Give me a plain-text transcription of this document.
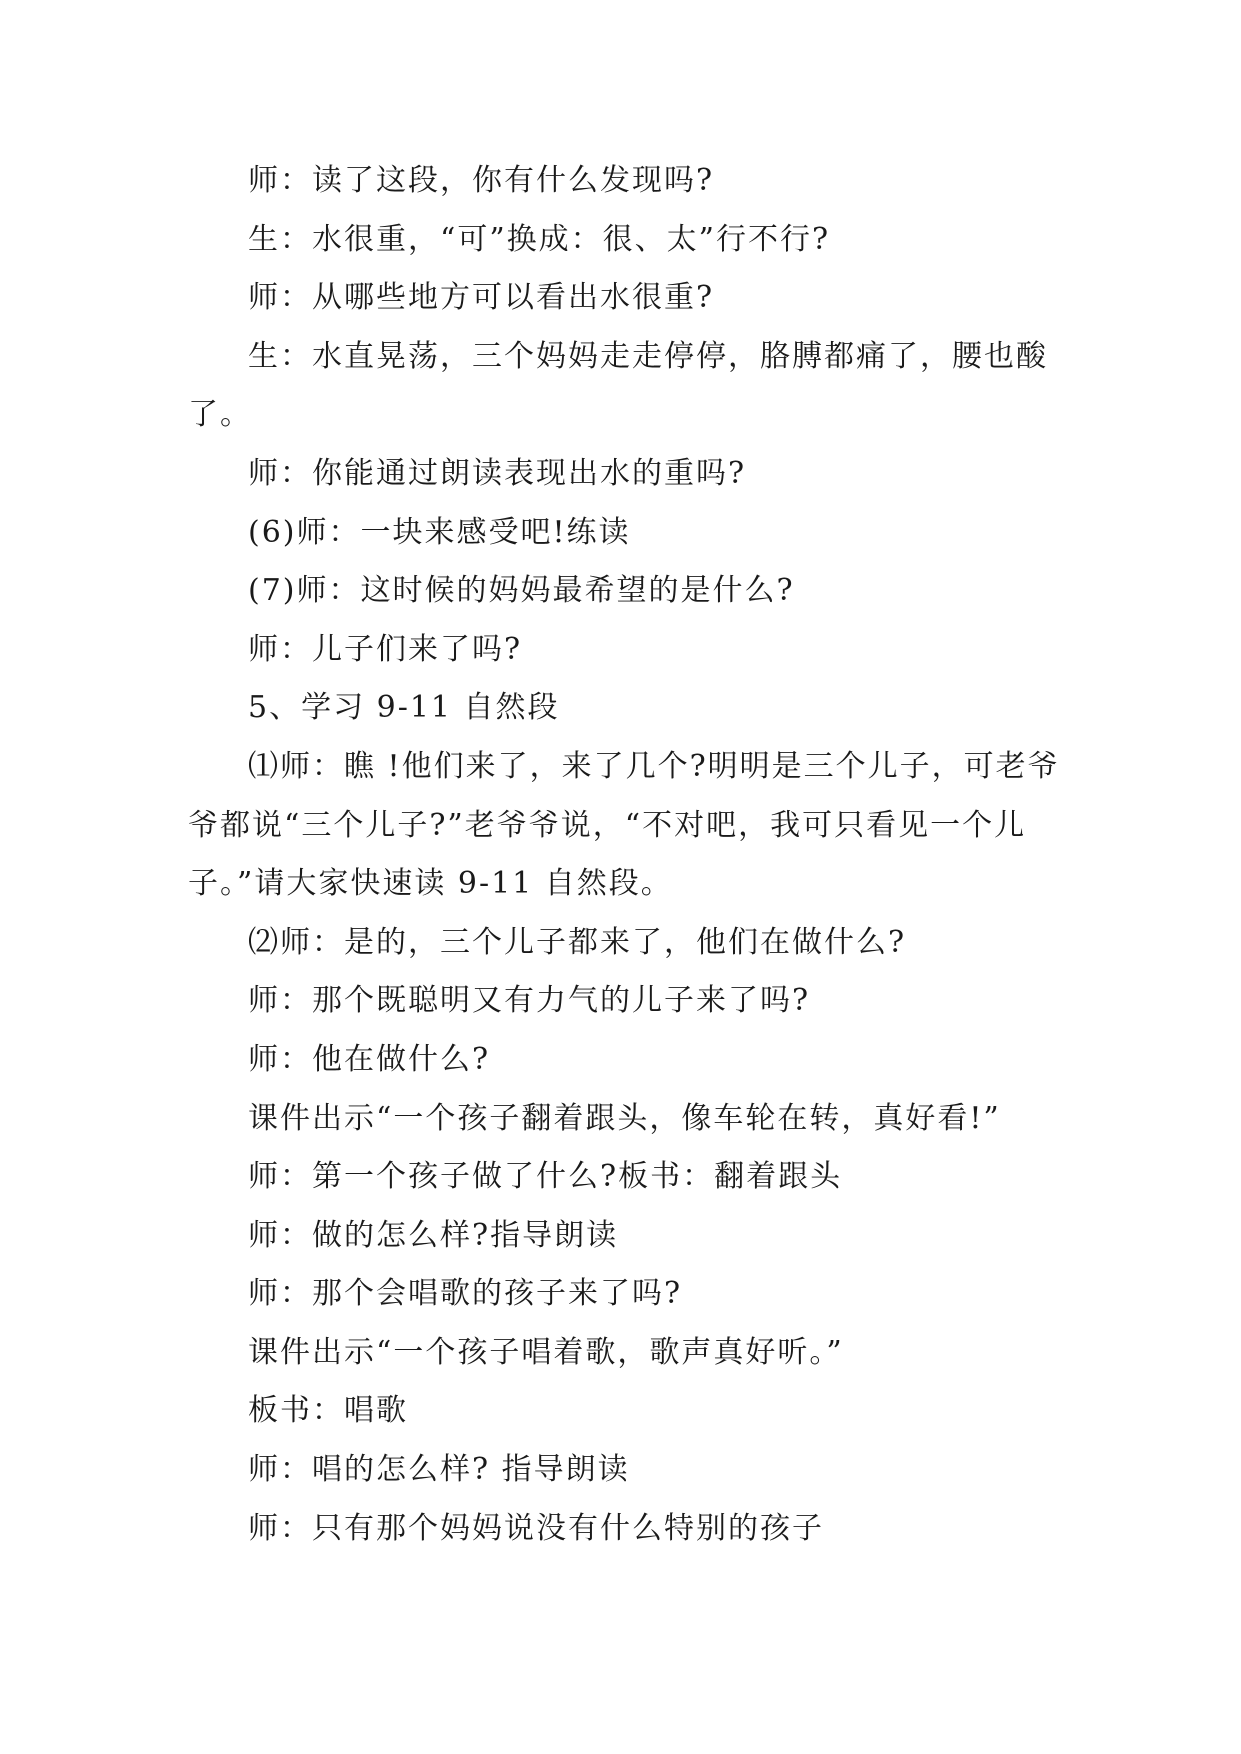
师：读了这段，你有什么发现吗?

生：水很重，“可”换成：很、太”行不行?

师：从哪些地方可以看出水很重?

生：水直晃荡，三个妈妈走走停停，胳膊都痛了，腰也酸了。

师：你能通过朗读表现出水的重吗?

(6)师：一块来感受吧!练读

(7)师：这时候的妈妈最希望的是什么?

师：儿子们来了吗?

5、学习 9-11 自然段

⑴师：瞧 !他们来了，来了几个?明明是三个儿子，可老爷爷都说“三个儿子?”老爷爷说，“不对吧，我可只看见一个儿子。”请大家快速读 9-11 自然段。

⑵师：是的，三个儿子都来了，他们在做什么?

师：那个既聪明又有力气的儿子来了吗?

师：他在做什么?

课件出示“一个孩子翻着跟头，像车轮在转，真好看!”

师：第一个孩子做了什么?板书：翻着跟头

师：做的怎么样?指导朗读

师：那个会唱歌的孩子来了吗?

课件出示“一个孩子唱着歌，歌声真好听。”

板书：唱歌

师：唱的怎么样? 指导朗读

师：只有那个妈妈说没有什么特别的孩子
